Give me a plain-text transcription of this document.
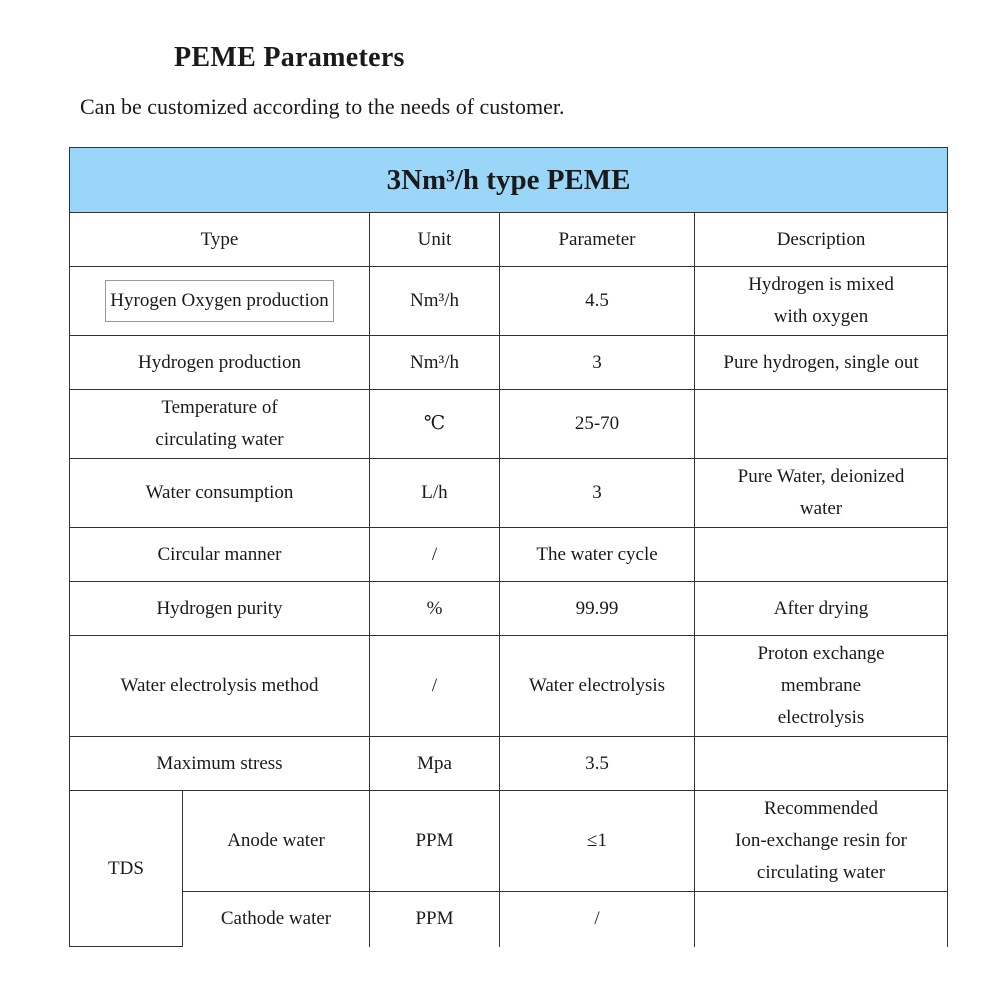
PEME Parameters
Can be customized according to the needs of customer.
3Nm³/h type PEME				
Type		Unit	Parameter	Description
Hyrogen Oxygen production		Nm³/h	4.5	Hydrogen is mixed
with oxygen
Hydrogen production		Nm³/h	3	Pure hydrogen, single out
Temperature of
circulating water		℃	25-70	
Water consumption		L/h	3	Pure Water, deionized
water
Circular manner		/	The water cycle	
Hydrogen purity		%	99.99	After drying
Water electrolysis method		/	Water electrolysis	Proton exchange
membrane
electrolysis
Maximum stress		Mpa	3.5	
TDS	Anode water	PPM	≤1	Recommended
Ion-exchange resin for
circulating water
	Cathode water	PPM	/	
